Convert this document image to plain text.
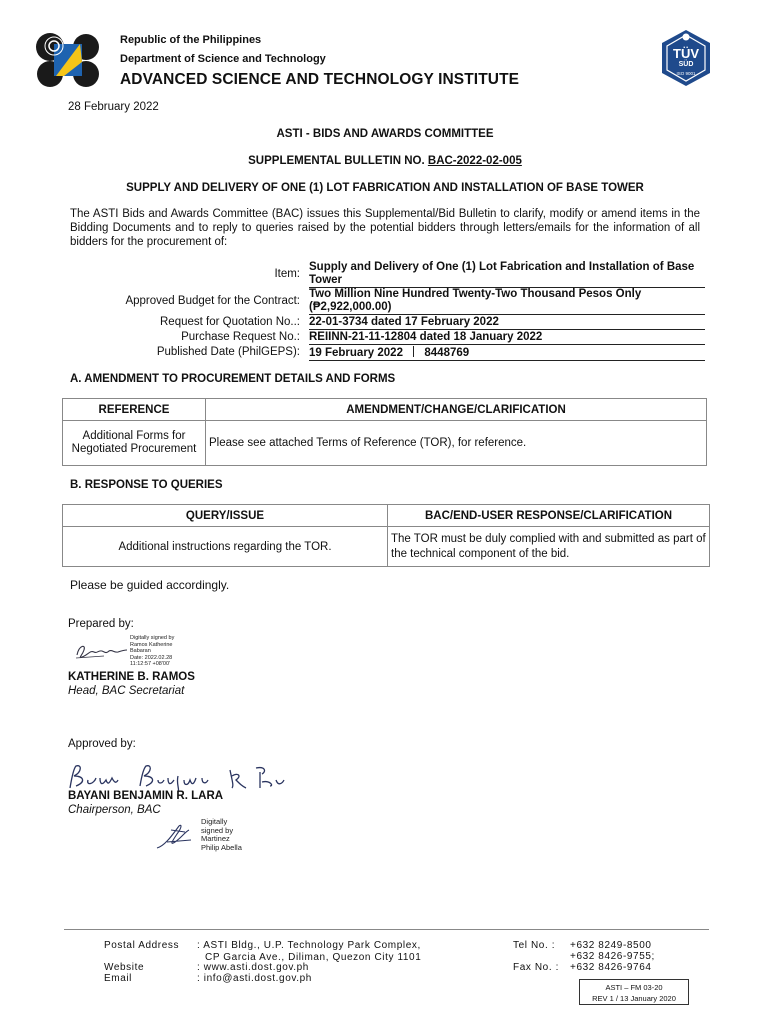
Republic of the Philippines
Department of Science and Technology
ADVANCED SCIENCE AND TECHNOLOGY INSTITUTE
TÜV
SÜD
ISO 9001
28 February 2022
ASTI - BIDS AND AWARDS COMMITTEE
SUPPLEMENTAL BULLETIN NO. BAC-2022-02-005
SUPPLY AND DELIVERY OF ONE (1) LOT FABRICATION AND INSTALLATION OF BASE TOWER
The ASTI Bids and Awards Committee (BAC) issues this Supplemental/Bid Bulletin to clarify, modify or amend items in the Bidding Documents and to reply to queries raised by the potential bidders through letters/emails for the information of all bidders for the procurement of:
Item:
Supply and Delivery of One (1) Lot Fabrication and Installation of Base Tower
Approved Budget for the Contract:
Two Million Nine Hundred Twenty-Two Thousand Pesos Only (₱2,922,000.00)
Request for Quotation No..: 22-01-3734 dated 17 February 2022
Purchase Request No.: REIINN-21-11-12804 dated 18 January 2022
Published Date (PhilGEPS): 19 February 2022 8448769
A. AMENDMENT TO PROCUREMENT DETAILS AND FORMS
REFERENCE	AMENDMENT/CHANGE/CLARIFICATION
Additional Forms for Negotiated Procurement	Please see attached Terms of Reference (TOR), for reference.
B. RESPONSE TO QUERIES
QUERY/ISSUE	BAC/END-USER RESPONSE/CLARIFICATION
Additional instructions regarding the TOR.	The TOR must be duly complied with and submitted as part of the technical component of the bid.
Please be guided accordingly.
Prepared by:
Digitally signed by
Ramos Katherine
Babaran
Date: 2022.02.28
11:12:57 +08'00'
KATHERINE B. RAMOS
Head, BAC Secretariat
Approved by:
BAYANI BENJAMIN R. LARA
Chairperson, BAC
Digitally
signed by
Martinez
Philip Abella
Postal Address : ASTI Bldg., U.P. Technology Park Complex,
CP Garcia Ave., Diliman, Quezon City 1101
Website	: www.asti.dost.gov.ph
Email	: info@asti.dost.gov.ph
Tel No. : +632 8249-8500
+632 8426-9755;
Fax No. : +632 8426-9764
ASTI – FM 03-20
REV 1 / 13 January 2020
